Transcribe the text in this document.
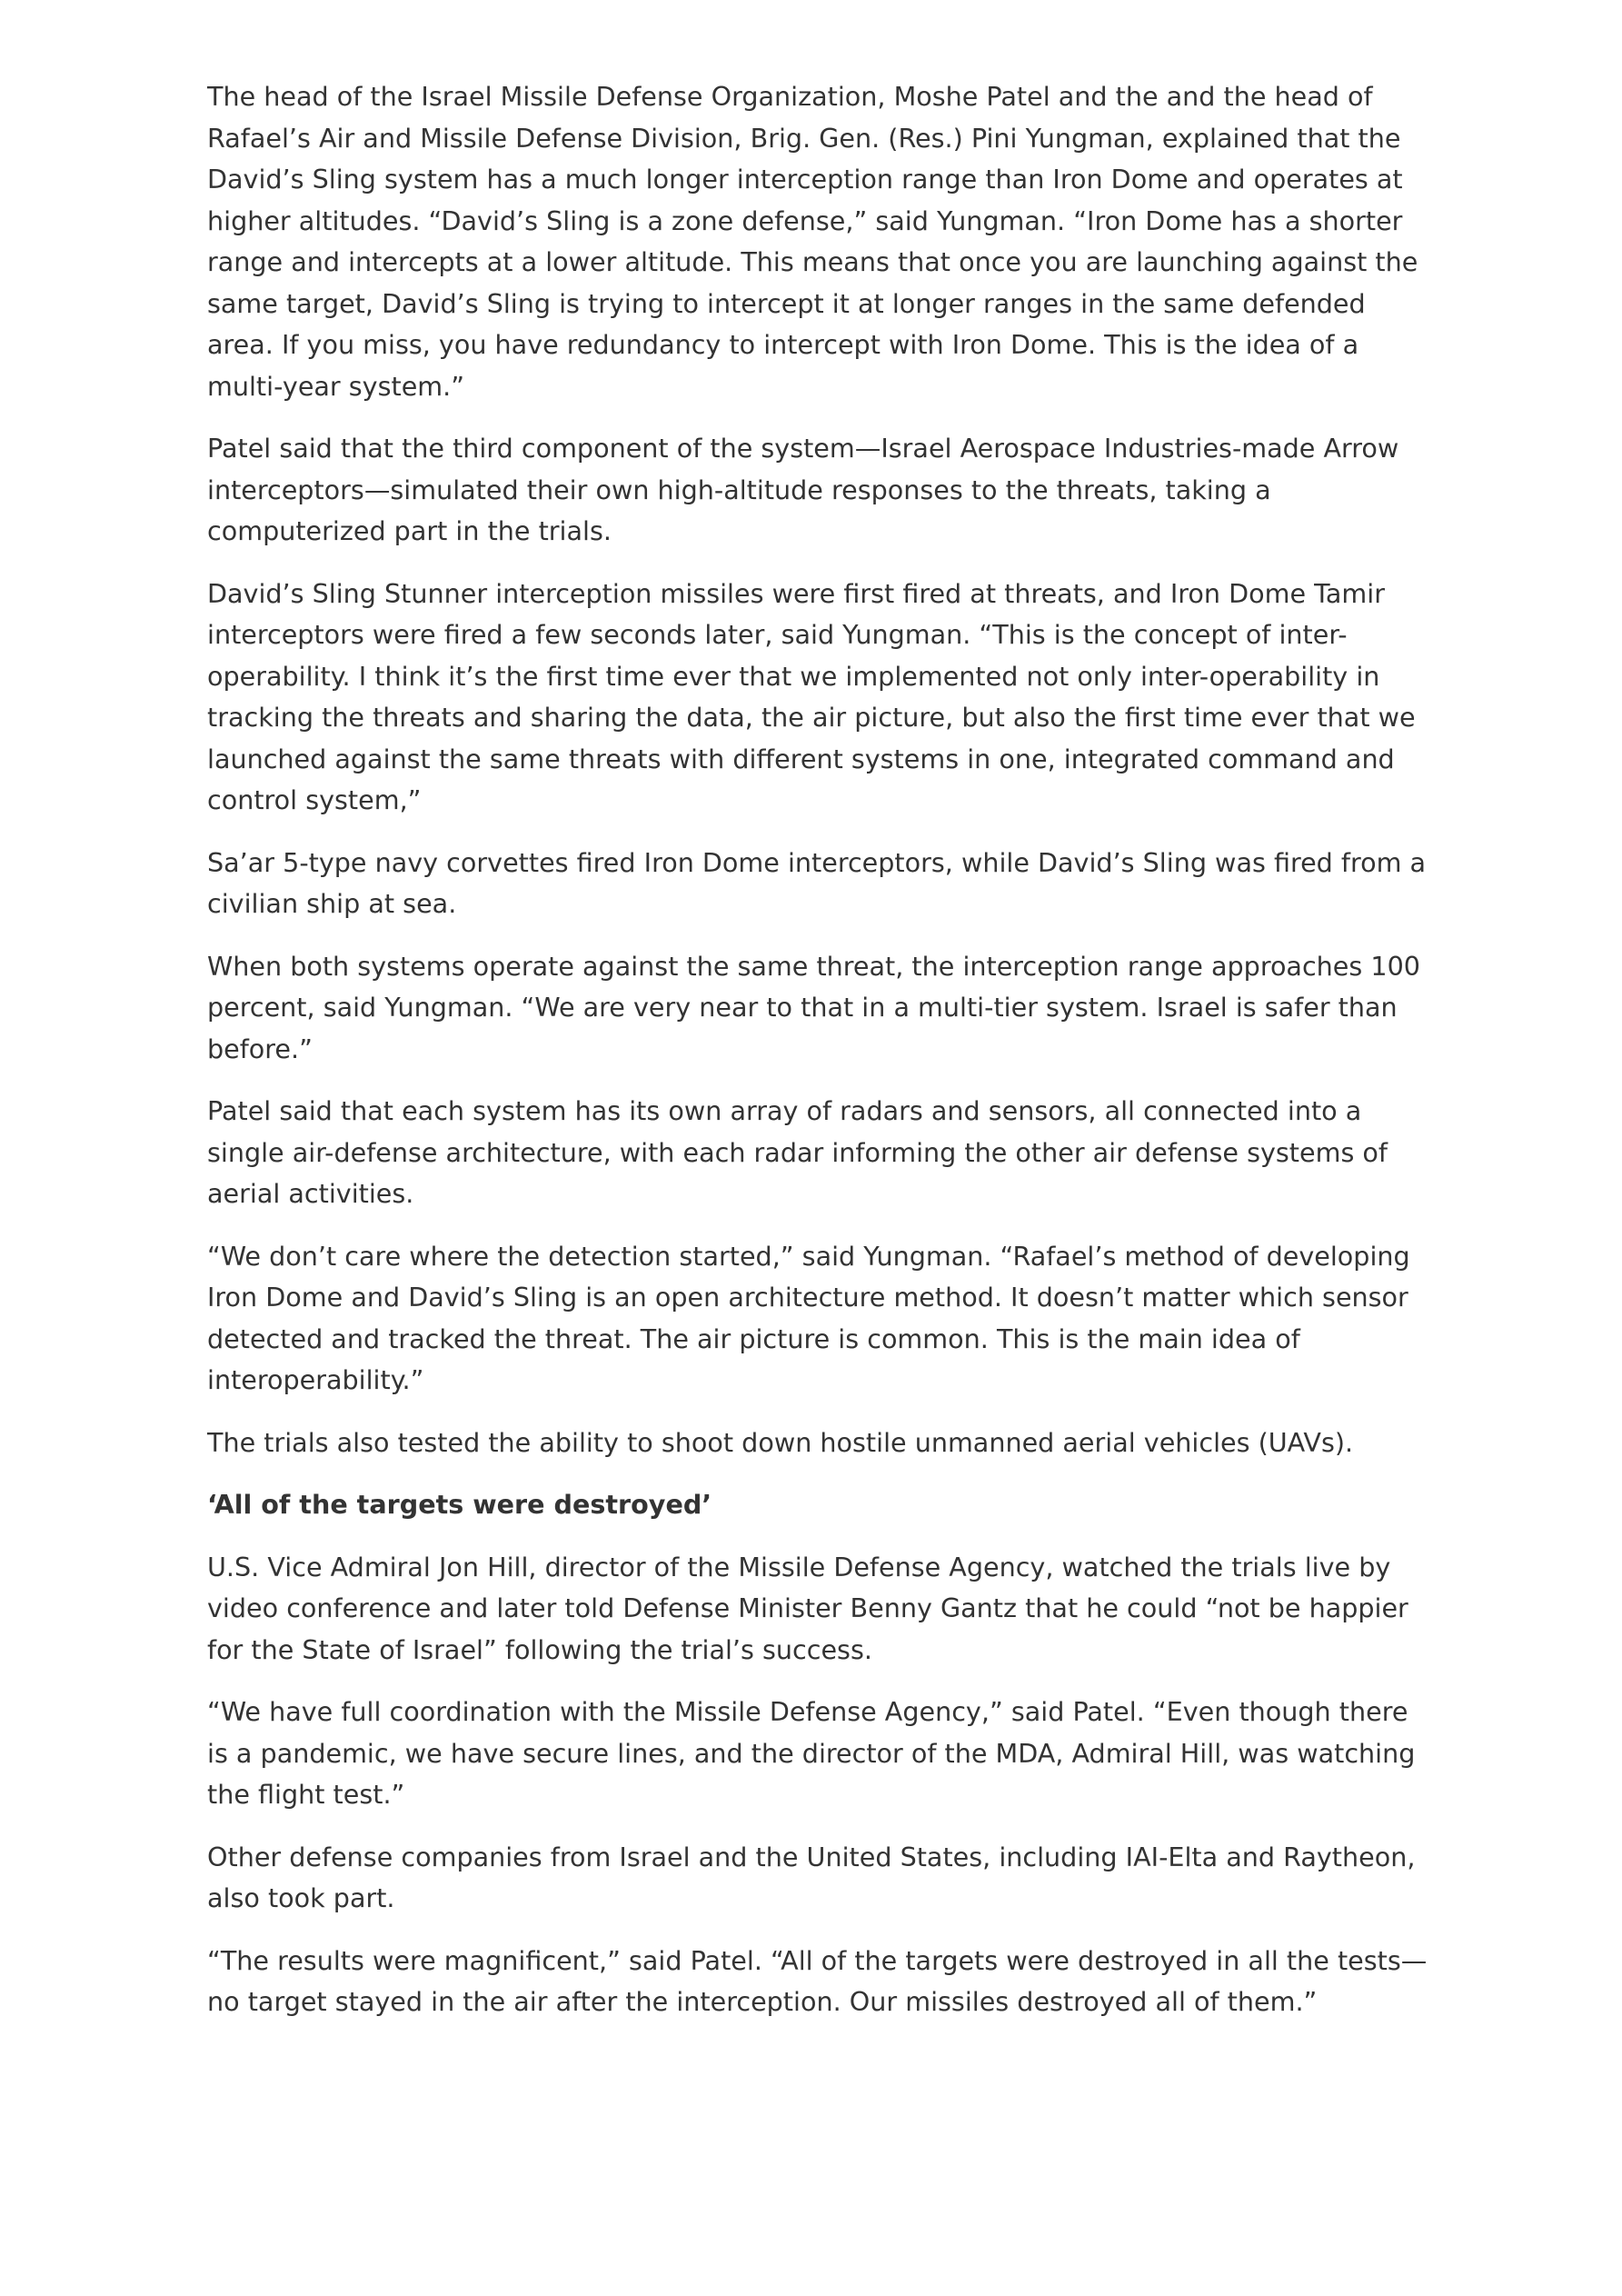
The head of the Israel Missile Defense Organization, Moshe Patel and the and the head of Rafael’s Air and Missile Defense Division, Brig. Gen. (Res.) Pini Yungman, explained that the David’s Sling system has a much longer interception range than Iron Dome and operates at higher altitudes. “David’s Sling is a zone defense,” said Yungman. “Iron Dome has a shorter range and intercepts at a lower altitude. This means that once you are launching against the same target, David’s Sling is trying to intercept it at longer ranges in the same defended area. If you miss, you have redundancy to intercept with Iron Dome. This is the idea of a multi-year system.”

Patel said that the third component of the system—Israel Aerospace Industries-made Arrow interceptors—simulated their own high-altitude responses to the threats, taking a computerized part in the trials.

David’s Sling Stunner interception missiles were first fired at threats, and Iron Dome Tamir interceptors were fired a few seconds later, said Yungman. “This is the concept of inter-operability. I think it’s the first time ever that we implemented not only inter-operability in tracking the threats and sharing the data, the air picture, but also the first time ever that we launched against the same threats with different systems in one, integrated command and control system,”

Sa’ar 5-type navy corvettes fired Iron Dome interceptors, while David’s Sling was fired from a civilian ship at sea.

When both systems operate against the same threat, the interception range approaches 100 percent, said Yungman. “We are very near to that in a multi-tier system. Israel is safer than before.”

Patel said that each system has its own array of radars and sensors, all connected into a single air-defense architecture, with each radar informing the other air defense systems of aerial activities.

“We don’t care where the detection started,” said Yungman. “Rafael’s method of developing Iron Dome and David’s Sling is an open architecture method. It doesn’t matter which sensor detected and tracked the threat. The air picture is common. This is the main idea of interoperability.”

The trials also tested the ability to shoot down hostile unmanned aerial vehicles (UAVs).

‘All of the targets were destroyed’

U.S. Vice Admiral Jon Hill, director of the Missile Defense Agency, watched the trials live by video conference and later told Defense Minister Benny Gantz that he could “not be happier for the State of Israel” following the trial’s success.

“We have full coordination with the Missile Defense Agency,” said Patel. “Even though there is a pandemic, we have secure lines, and the director of the MDA, Admiral Hill, was watching the flight test.”

Other defense companies from Israel and the United States, including IAI-Elta and Raytheon, also took part.

“The results were magnificent,” said Patel. “All of the targets were destroyed in all the tests—no target stayed in the air after the interception. Our missiles destroyed all of them.”
